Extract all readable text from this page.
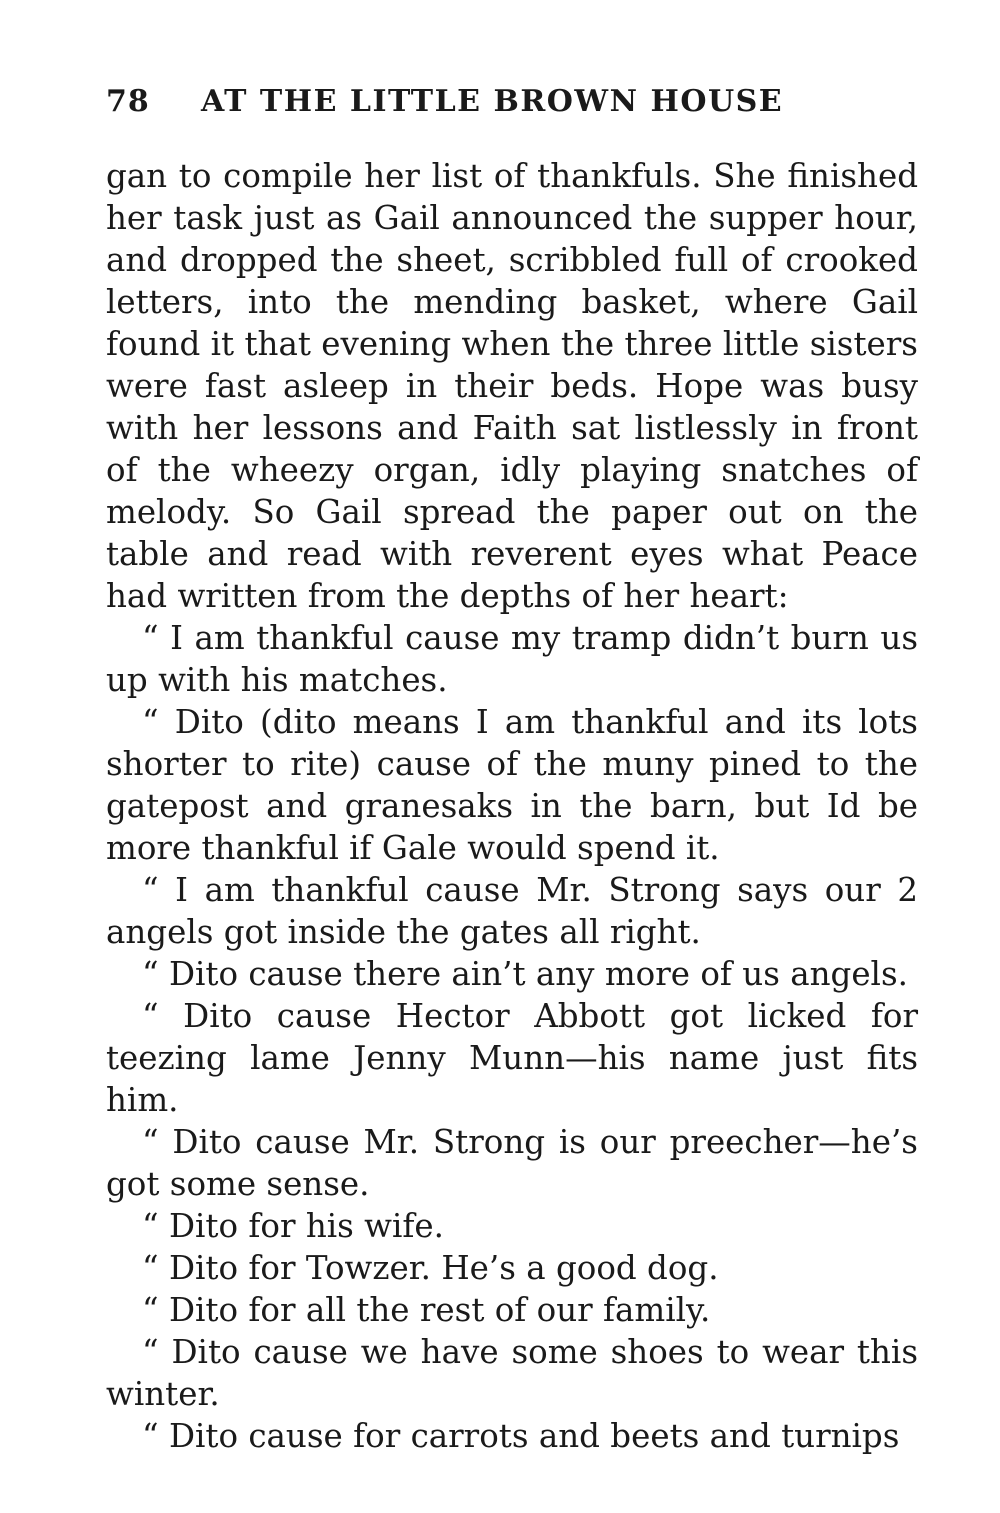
78 AT THE LITTLE BROWN HOUSE

gan to compile her list of thankfuls. She finished her task just as Gail announced the supper hour, and dropped the sheet, scribbled full of crooked letters, into the mending basket, where Gail found it that evening when the three little sisters were fast asleep in their beds. Hope was busy with her lessons and Faith sat listlessly in front of the wheezy organ, idly playing snatches of melody. So Gail spread the paper out on the table and read with reverent eyes what Peace had written from the depths of her heart:

“ I am thankful cause my tramp didn’t burn us up with his matches.

“ Dito (dito means I am thankful and its lots shorter to rite) cause of the muny pined to the gatepost and granesaks in the barn, but Id be more thankful if Gale would spend it.

“ I am thankful cause Mr. Strong says our 2 angels got inside the gates all right.

“ Dito cause there ain’t any more of us angels.

“ Dito cause Hector Abbott got licked for teezing lame Jenny Munn—his name just fits him.

“ Dito cause Mr. Strong is our preecher—he’s got some sense.

“ Dito for his wife.

“ Dito for Towzer. He’s a good dog.

“ Dito for all the rest of our family.

“ Dito cause we have some shoes to wear this winter.

“ Dito cause for carrots and beets and turnips
